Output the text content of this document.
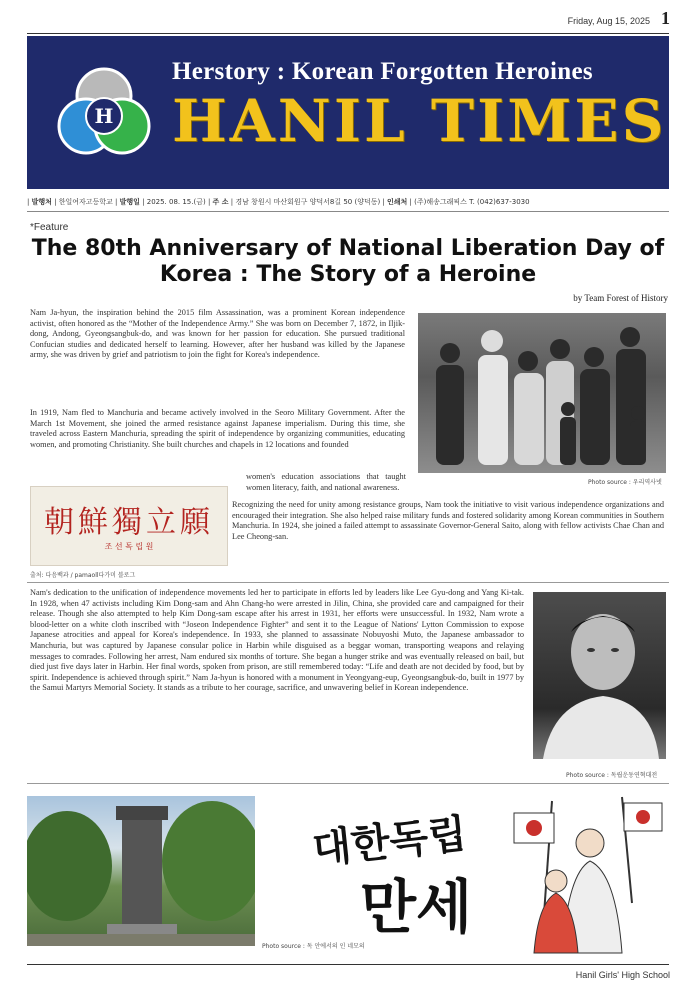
Friday, Aug 15, 2025 1
H
Herstory : Korean Forgotten Heroines
HANIL TIMES
| 발행처 | 한일여자고등학교 | 발행일 | 2025. 08. 15.(금) | 주 소 | 경남 창원시 마산회원구 양덕서8길 50 (양덕동) | 인쇄처 | (주)해송그래픽스 T. (042)637-3030
*Feature
The 80th Anniversary of National Liberation Day of Korea : The Story of a Heroine
by Team Forest of History
Nam Ja-hyun, the inspiration behind the 2015 film Assassination, was a prominent Korean independence activist, often honored as the “Mother of the Independence Army.” She was born on December 7, 1872, in Iljik-dong, Andong, Gyeongsangbuk-do, and was known for her passion for education. She pursued traditional Confucian studies and dedicated herself to learning. However, after her husband was killed by the Japanese army, she was driven by grief and patriotism to join the fight for Korea's independence.
In 1919, Nam fled to Manchuria and became actively involved in the Seoro Military Government. After the March 1st Movement, she joined the armed resistance against Japanese imperialism. During this time, she traveled across Eastern Manchuria, spreading the spirit of independence by organizing communities, educating women, and promoting Christianity. She built churches and chapels in 12 locations and founded
Photo source : 우리역사넷
women's education associations that taught women literacy, faith, and national awareness.
朝鮮獨立願
조 선 독 립 원
출처: 다음백과 / pamaoll다가미 블로그
Recognizing the need for unity among resistance groups, Nam took the initiative to visit various independence organizations and encouraged their integration. She also helped raise military funds and fostered solidarity among Korean communities in Southern Manchuria. In 1924, she joined a failed attempt to assassinate Governor-General Saito, along with fellow activists Chae Chan and Lee Cheong-san.
Nam's dedication to the unification of independence movements led her to participate in efforts led by leaders like Lee Gyu-dong and Yang Ki-tak. In 1928, when 47 activists including Kim Dong-sam and Ahn Chang-ho were arrested in Jilin, China, she provided care and campaigned for their release. Though she also attempted to help Kim Dong-sam escape after his arrest in 1931, her efforts were unsuccessful. In 1932, Nam wrote a blood-letter on a white cloth inscribed with “Joseon Independence Fighter” and sent it to the League of Nations' Lytton Commission to expose Japanese atrocities and appeal for Korea's independence. In 1933, she planned to assassinate Nobuyoshi Muto, the Japanese ambassador to Manchuria, but was captured by Japanese consular police in Harbin while disguised as a beggar woman, transporting weapons and relaying messages to comrades. Following her arrest, Nam endured six months of torture. She began a hunger strike and was eventually released on bail, but died just five days later in Harbin. Her final words, spoken from prison, are still remembered today: “Life and death are not decided by food, but by spirit. Independence is achieved through spirit.” Nam Ja-hyun is honored with a monument in Yeongyang-eup, Gyeongsangbuk-do, built in 1977 by the Samui Martyrs Memorial Society. It stands as a tribute to her courage, sacrifice, and unwavering belief in Korean independence.
Photo source : 독립운동연혁대전
Photo source : 독 안에서의 인 네모의
대한독립
만세
Hanil Girls' High School
